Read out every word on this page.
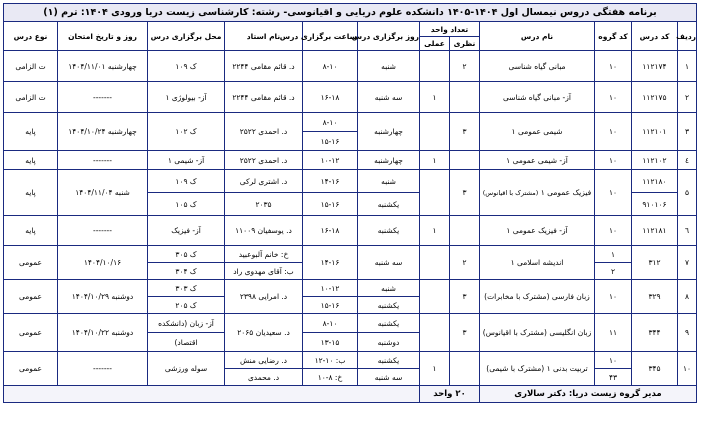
برنامه هفتگی دروس نیمسال اول ۱۴۰۴-۱۴۰۵ دانشکده علوم دریایی و اقیانوسی- رشته: کارشناسی زیست دریا ورودی ۱۴۰۴: ترم (۱)											
ردیف	کد درس	کد گروه	نام درس	تعداد واحد		روز برگزاری درس	ساعت برگزاری درس	نام استاد	محل برگزاری درس	روز و تاریخ امتحان	نوع درس
				نظری	عملی						
۱	۱۱۲۱۷۴	۱۰	مبانی گیاه شناسی	۲		شنبه	۸-۱۰	د. قائم مقامی ۲۲۴۴	ک ۱۰۹	چهارشنبه ۱۴۰۴/۱۱/۰۱	ت الزامی
۲	۱۱۲۱۷۵	۱۰	آز- مبانی گیاه شناسی		۱	سه شنبه	۱۶-۱۸	د. قائم مقامی ۲۲۴۴	آز- بیولوژی ۱	-------	ت الزامی
۳	۱۱۲۱۰۱	۱۰	شیمی عمومی ۱	۳		چهارشنبه	۸-۱۰	د. احمدی ۲۵۲۲	ک ۱۰۲	چهارشنبه ۱۴۰۴/۱۰/۲۴	پایه
							۱۵-۱۶				
٤	۱۱۲۱۰۲	۱۰	آز- شیمی عمومی ۱		۱	چهارشنبه	۱۰-۱۲	د. احمدی ۲۵۲۲	آز- شیمی ۱	-------	پایه
۵	۱۱۲۱۸۰	۱۰	فیزیک عمومی ۱ (مشترک با اقیانوس)	۳		شنبه	۱۴-۱۶	د. اشتری لرکی	ک ۱۰۹	شنبه ۱۴۰۴/۱۱/۰۴	پایه
	۹۱۰۱۰۶					یکشنبه	۱۵-۱۶	۲۰۳۵	ک ۱۰۵		
٦	۱۱۲۱۸۱	۱۰	آز- فیزیک عمومی ۱		۱	یکشنبه	۱۶-۱۸	د. یوسفیان ۱۱۰۰۹	آز- فیزیک	-------	پایه
۷	۳۱۲	۱	اندیشه اسلامی ۱	۲		سه شنبه	۱۴-۱۶	خ: خانم آلبوعبید	ک ۳۰۵	۱۴۰۴/۱۰/۱۶	عمومی
		۲						ب: آقای مهدوی راد	ک ۳۰۴		
۸	۳۲۹	۱۰	زبان فارسی (مشترک با مخابرات)	۳		شنبه	۱۰-۱۲	د. امرایی ۲۳۹۸	ک ۳۰۳	دوشنبه ۱۴۰۴/۱۰/۲۹	عمومی
						یکشنبه	۱۵-۱۶		ک ۲۰۵		
۹	۳۴۴	۱۱	زبان انگلیسی (مشترک با اقیانوس)	۳		یکشنبه	۸-۱۰	د. سعیدیان ۲۰۶۵	آز- زبان (دانشکده	دوشنبه ۱۴۰۴/۱۰/۲۲	عمومی
						دوشنبه	۱۳-۱۵		اقتصاد)		
۱۰	۳۴۵	۱۰	تربیت بدنی ۱ (مشترک با شیمی)		۱	یکشنبه	ب: ۱۰-۱۲	د. رضایی منش	سوله ورزشی	-------	عمومی
		۴۳				سه شنبه	خ: ۸-۱۰	د. محمدی			
مدیر گروه زیست دریا: دکتر سالاری				۲۰ واحد							
